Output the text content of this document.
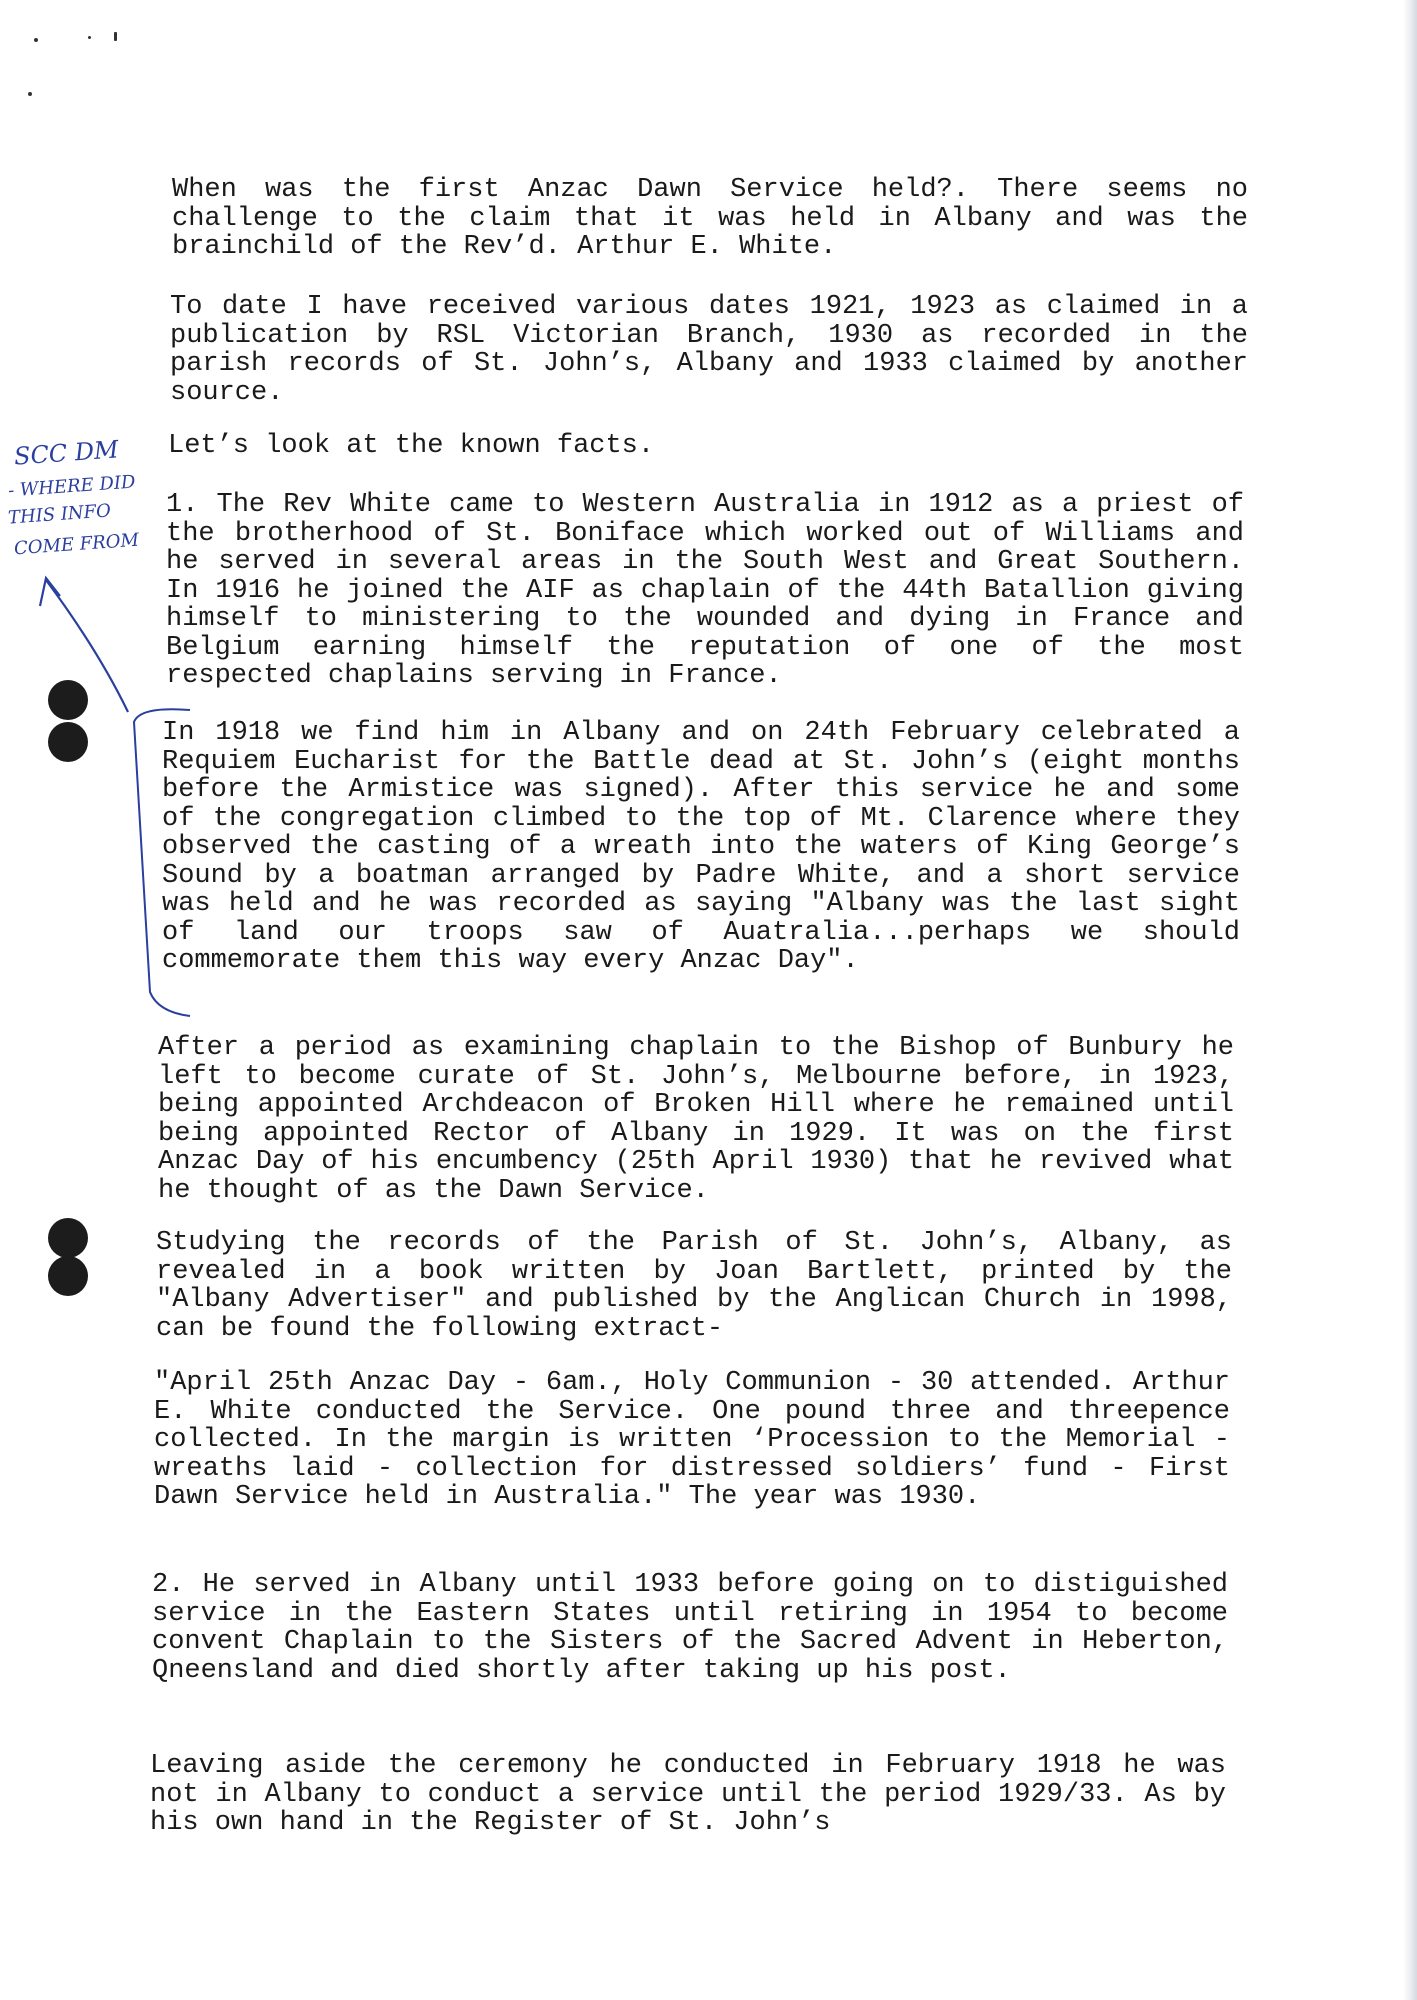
When was the first Anzac Dawn Service held?. There seems no challenge to the claim that it was held in Albany and was the brainchild of the Rev’d. Arthur E. White.

To date I have received various dates 1921, 1923 as claimed in a publication by RSL Victorian Branch, 1930 as recorded in the parish records of St. John’s, Albany and 1933 claimed by another source.

Let’s look at the known facts.

1. The Rev White came to Western Australia in 1912 as a priest of the brotherhood of St. Boniface which worked out of Williams and he served in several areas in the South West and Great Southern. In 1916 he joined the AIF as chaplain of the 44th Batallion giving himself to ministering to the wounded and dying in France and Belgium earning himself the reputation of one of the most respected chaplains serving in France.

In 1918 we find him in Albany and on 24th February celebrated a Requiem Eucharist for the Battle dead at St. John’s (eight months before the Armistice was signed). After this service he and some of the congregation climbed to the top of Mt. Clarence where they observed the casting of a wreath into the waters of King George’s Sound by a boatman arranged by Padre White, and a short service was held and he was recorded as saying "Albany was the last sight of land our troops saw of Auatralia...perhaps we should commemorate them this way every Anzac Day".

After a period as examining chaplain to the Bishop of Bunbury he left to become curate of St. John’s, Melbourne before, in 1923, being appointed Archdeacon of Broken Hill where he remained until being appointed Rector of Albany in 1929. It was on the first Anzac Day of his encumbency (25th April 1930) that he revived what he thought of as the Dawn Service.

Studying the records of the Parish of St. John’s, Albany, as revealed in a book written by Joan Bartlett, printed by the "Albany Advertiser" and published by the Anglican Church in 1998, can be found the following extract-

"April 25th Anzac Day - 6am., Holy Communion - 30 attended. Arthur E. White conducted the Service. One pound three and threepence collected. In the margin is written ‘Procession to the Memorial - wreaths laid - collection for distressed soldiers’ fund - First Dawn Service held in Australia." The year was 1930.

2. He served in Albany until 1933 before going on to distiguished service in the Eastern States until retiring in 1954 to become convent Chaplain to the Sisters of the Sacred Advent in Heberton, Qneensland and died shortly after taking up his post.

Leaving aside the ceremony he conducted in February 1918 he was not in Albany to conduct a service until the period 1929/33. As by his own hand in the Register of St. John’s

SCC DM
- WHERE DID
THIS INFO
COME FROM
